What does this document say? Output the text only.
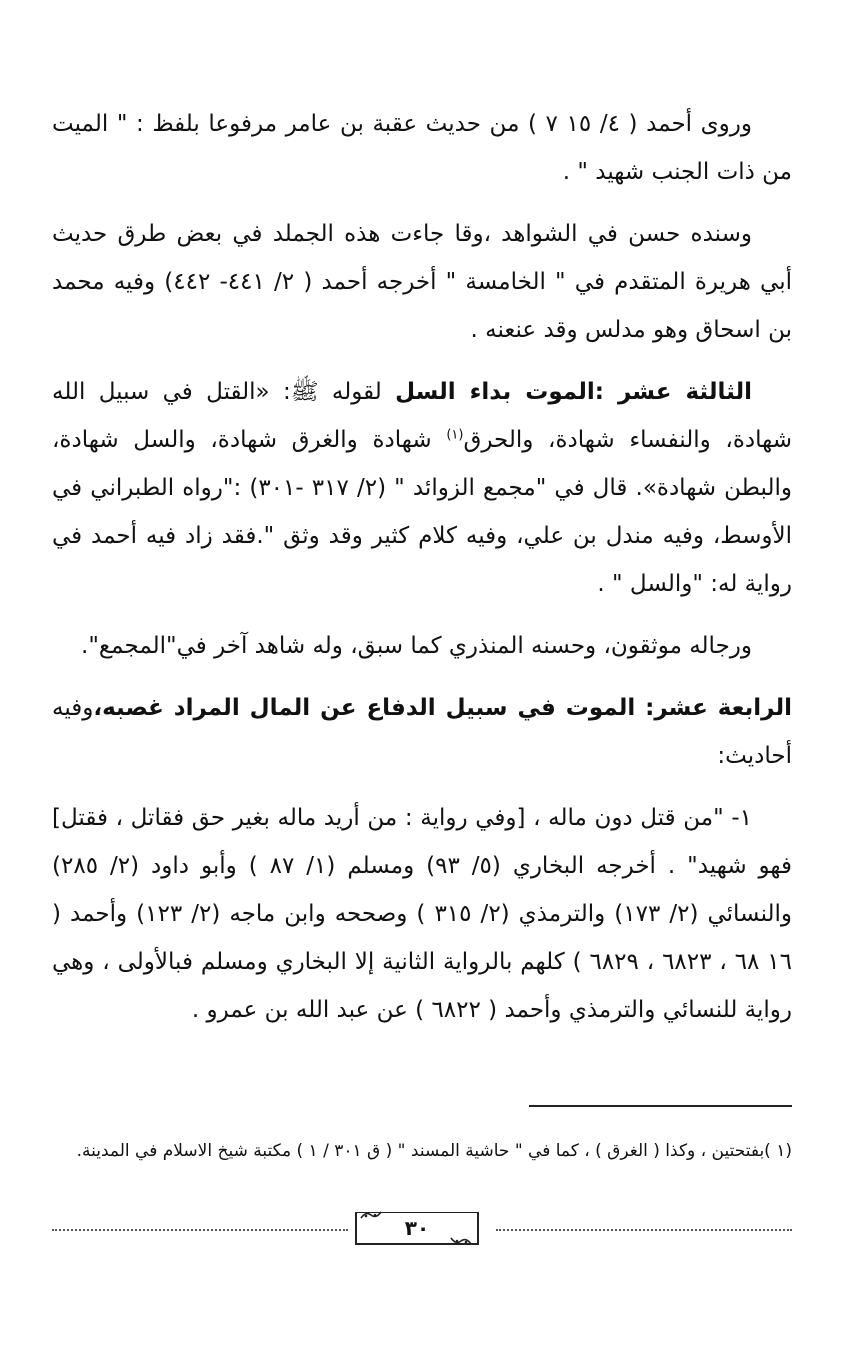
وروى أحمد ( ٤/ ١٥ ٧ ) من حديث عقبة بن عامر مرفوعا بلفظ : " الميت من ذات الجنب شهيد " .

وسنده حسن في الشواهد ،وقا جاءت هذه الجملد في بعض طرق حديث أبي هريرة المتقدم في " الخامسة " أخرجه أحمد ( ٢/ ٤٤١- ٤٤٢) وفيه محمد بن اسحاق وهو مدلس وقد عنعنه .

الثالثة عشر :الموت بداء السل لقوله ﷺ: «القتل في سبيل الله شهادة، والنفساء شهادة، والحرق$^{(١)}$ شهادة والغرق شهادة، والسل شهادة، والبطن شهادة». قال في "مجمع الزوائد " (٢/ ٣١٧ -٣٠١) :"رواه الطبراني في الأوسط، وفيه مندل بن علي، وفيه كلام كثير وقد وثق ".فقد زاد فيه أحمد في رواية له: "والسل " .

ورجاله موثقون، وحسنه المنذري كما سبق، وله شاهد آخر في"المجمع".

الرابعة عشر: الموت في سبيل الدفاع عن المال المراد غصبه،وفيه أحاديث:

١- "من قتل دون ماله ، [وفي رواية : من أريد ماله بغير حق فقاتل ، فقتل] فهو شهيد" . أخرجه البخاري (٥/ ٩٣) ومسلم (١/ ٨٧ ) وأبو داود (٢/ ٢٨٥) والنسائي (٢/ ١٧٣) والترمذي (٢/ ٣١٥ ) وصححه وابن ماجه (٢/ ١٢٣) وأحمد ( ١٦ ٦٨ ، ٦٨٢٣ ، ٦٨٢٩ ) كلهم بالرواية الثانية إلا البخاري ومسلم فبالأولى ، وهي رواية للنسائي والترمذي وأحمد ( ٦٨٢٢ ) عن عبد الله بن عمرو .

(١ )بفتحتين ، وكذا ( الغرق ) ، كما في " حاشية المسند " ( ق ٣٠١ / ١ ) مكتبة شيخ الاسلام في المدينة.
٣٠
